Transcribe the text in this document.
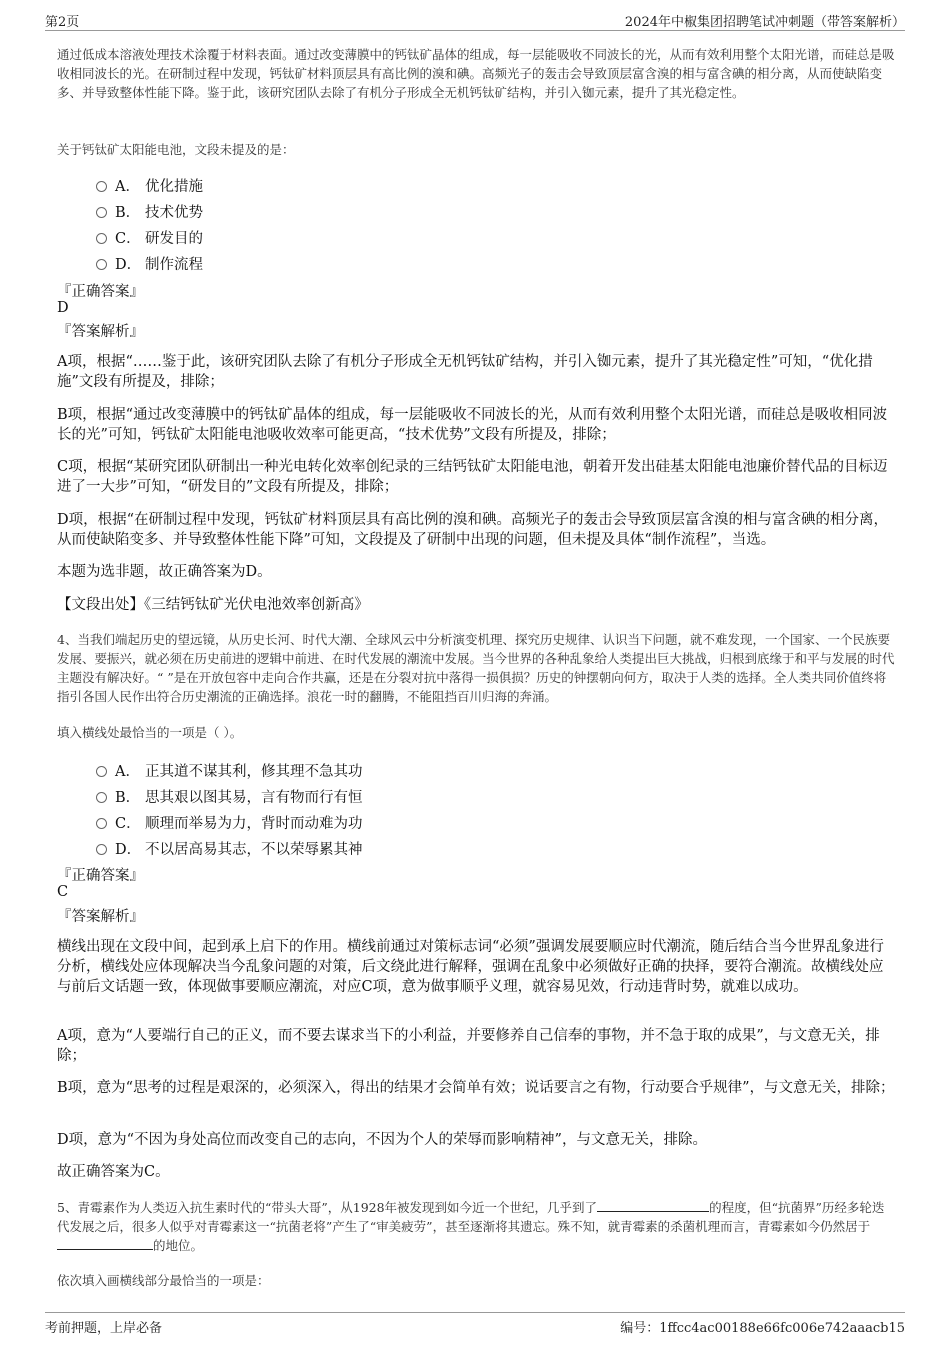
第2页	2024年中椒集团招聘笔试冲刺题（带答案解析）
通过低成本溶液处理技术涂覆于材料表面。通过改变薄膜中的钙钛矿晶体的组成，每一层能吸收不同波长的光，从而有效利用整个太阳光谱，而硅总是吸收相同波长的光。在研制过程中发现，钙钛矿材料顶层具有高比例的溴和碘。高频光子的轰击会导致顶层富含溴的相与富含碘的相分离，从而使缺陷变多、并导致整体性能下降。鉴于此，该研究团队去除了有机分子形成全无机钙钛矿结构，并引入铷元素，提升了其光稳定性。
关于钙钛矿太阳能电池，文段未提及的是：
A． 优化措施
B． 技术优势
C． 研发目的
D． 制作流程
『正确答案』
D
『答案解析』
A项，根据“……鉴于此，该研究团队去除了有机分子形成全无机钙钛矿结构，并引入铷元素，提升了其光稳定性”可知，“优化措施”文段有所提及，排除；
B项，根据“通过改变薄膜中的钙钛矿晶体的组成，每一层能吸收不同波长的光，从而有效利用整个太阳光谱，而硅总是吸收相同波长的光”可知，钙钛矿太阳能电池吸收效率可能更高，“技术优势”文段有所提及，排除；
C项，根据“某研究团队研制出一种光电转化效率创纪录的三结钙钛矿太阳能电池，朝着开发出硅基太阳能电池廉价替代品的目标迈进了一大步”可知，“研发目的”文段有所提及，排除；
D项，根据“在研制过程中发现，钙钛矿材料顶层具有高比例的溴和碘。高频光子的轰击会导致顶层富含溴的相与富含碘的相分离，从而使缺陷变多、并导致整体性能下降”可知，文段提及了研制中出现的问题，但未提及具体“制作流程”，当选。
本题为选非题，故正确答案为D。
【文段出处】《三结钙钛矿光伏电池效率创新高》
4、当我们端起历史的望远镜，从历史长河、时代大潮、全球风云中分析演变机理、探究历史规律、认识当下问题，就不难发现，一个国家、一个民族要发展、要振兴，就必须在历史前进的逻辑中前进、在时代发展的潮流中发展。当今世界的各种乱象给人类提出巨大挑战，归根到底缘于和平与发展的时代主题没有解决好。“ ”是在开放包容中走向合作共赢，还是在分裂对抗中落得一损俱损？历史的钟摆朝向何方，取决于人类的选择。全人类共同价值终将指引各国人民作出符合历史潮流的正确选择。浪花一时的翻腾，不能阻挡百川归海的奔涌。
填入横线处最恰当的一项是（ ）。
A． 正其道不谋其利，修其理不急其功
B． 思其艰以图其易，言有物而行有恒
C． 顺理而举易为力，背时而动难为功
D． 不以居高易其志，不以荣辱累其神
『正确答案』
C
『答案解析』
横线出现在文段中间，起到承上启下的作用。横线前通过对策标志词“必须”强调发展要顺应时代潮流，随后结合当今世界乱象进行分析，横线处应体现解决当今乱象问题的对策，后文绕此进行解释，强调在乱象中必须做好正确的抉择，要符合潮流。故横线处应与前后文话题一致，体现做事要顺应潮流，对应C项，意为做事顺乎义理，就容易见效，行动违背时势，就难以成功。
A项，意为“人要端行自己的正义，而不要去谋求当下的小利益，并要修养自己信奉的事物，并不急于取的成果”，与文意无关，排除；
B项，意为“思考的过程是艰深的，必须深入，得出的结果才会简单有效；说话要言之有物，行动要合乎规律”，与文意无关，排除；
D项，意为“不因为身处高位而改变自己的志向，不因为个人的荣辱而影响精神”，与文意无关，排除。
故正确答案为C。
5、青霉素作为人类迈入抗生素时代的“带头大哥”，从1928年被发现到如今近一个世纪，几乎到了	的程度，但“抗菌界”历经多轮迭代发展之后，很多人似乎对青霉素这一“抗菌老将”产生了“审美疲劳”，甚至逐渐将其遗忘。殊不知，就青霉素的杀菌机理而言，青霉素如今仍然居于的地位。
依次填入画横线部分最恰当的一项是：
考前押题，上岸必备	编号：1ffcc4ac00188e66fc006e742aaacb15
